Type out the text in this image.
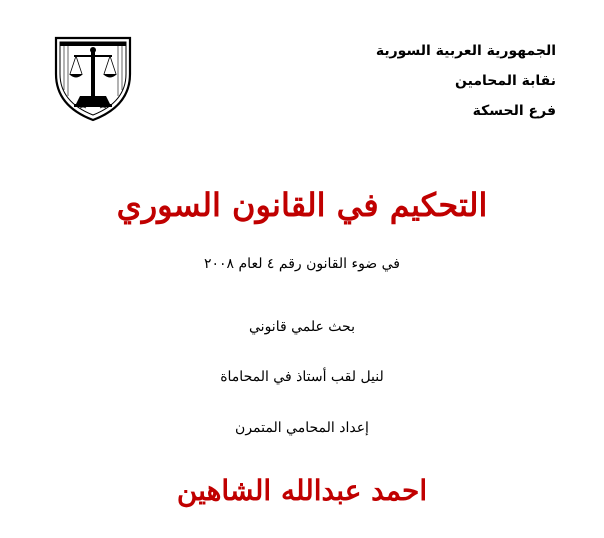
الجمهورية العربية السورية
نقابة المحامين
فرع الحسكة
التحكيم في القانون السوري
في ضوء القانون رقم ٤ لعام ٢٠٠٨
بحث علمي قانوني
لنيل لقب أستاذ في المحاماة
إعداد المحامي المتمرن
احمد عبدالله الشاهين
